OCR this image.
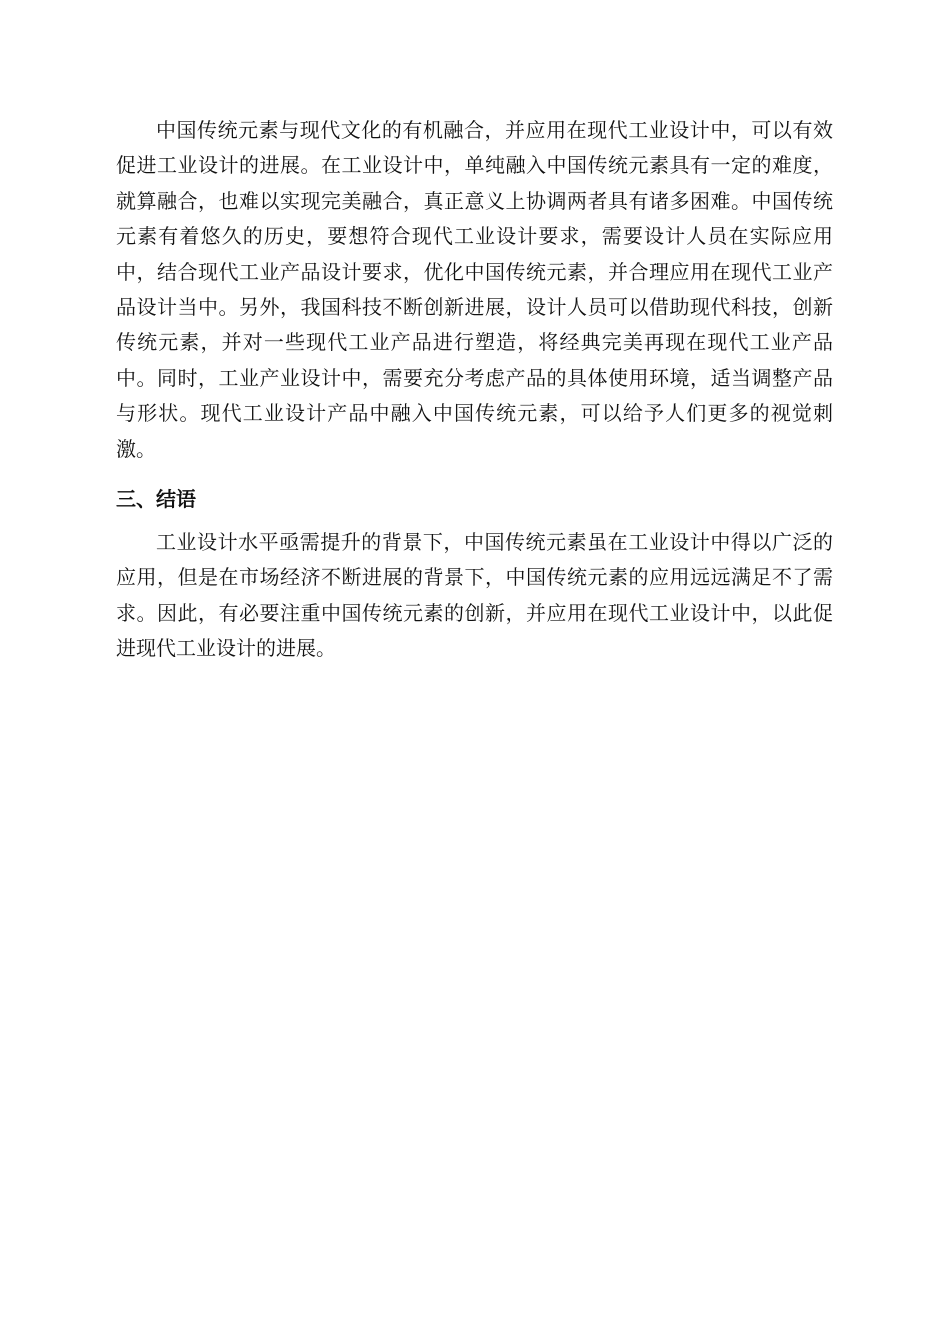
中国传统元素与现代文化的有机融合，并应用在现代工业设计中，可以有效促进工业设计的进展。在工业设计中，单纯融入中国传统元素具有一定的难度，就算融合，也难以实现完美融合，真正意义上协调两者具有诸多困难。中国传统元素有着悠久的历史，要想符合现代工业设计要求，需要设计人员在实际应用中，结合现代工业产品设计要求，优化中国传统元素，并合理应用在现代工业产品设计当中。另外，我国科技不断创新进展，设计人员可以借助现代科技，创新传统元素，并对一些现代工业产品进行塑造，将经典完美再现在现代工业产品中。同时，工业产业设计中，需要充分考虑产品的具体使用环境，适当调整产品与形状。现代工业设计产品中融入中国传统元素，可以给予人们更多的视觉刺激。

三、结语

工业设计水平亟需提升的背景下，中国传统元素虽在工业设计中得以广泛的应用，但是在市场经济不断进展的背景下，中国传统元素的应用远远满足不了需求。因此，有必要注重中国传统元素的创新，并应用在现代工业设计中，以此促进现代工业设计的进展。
